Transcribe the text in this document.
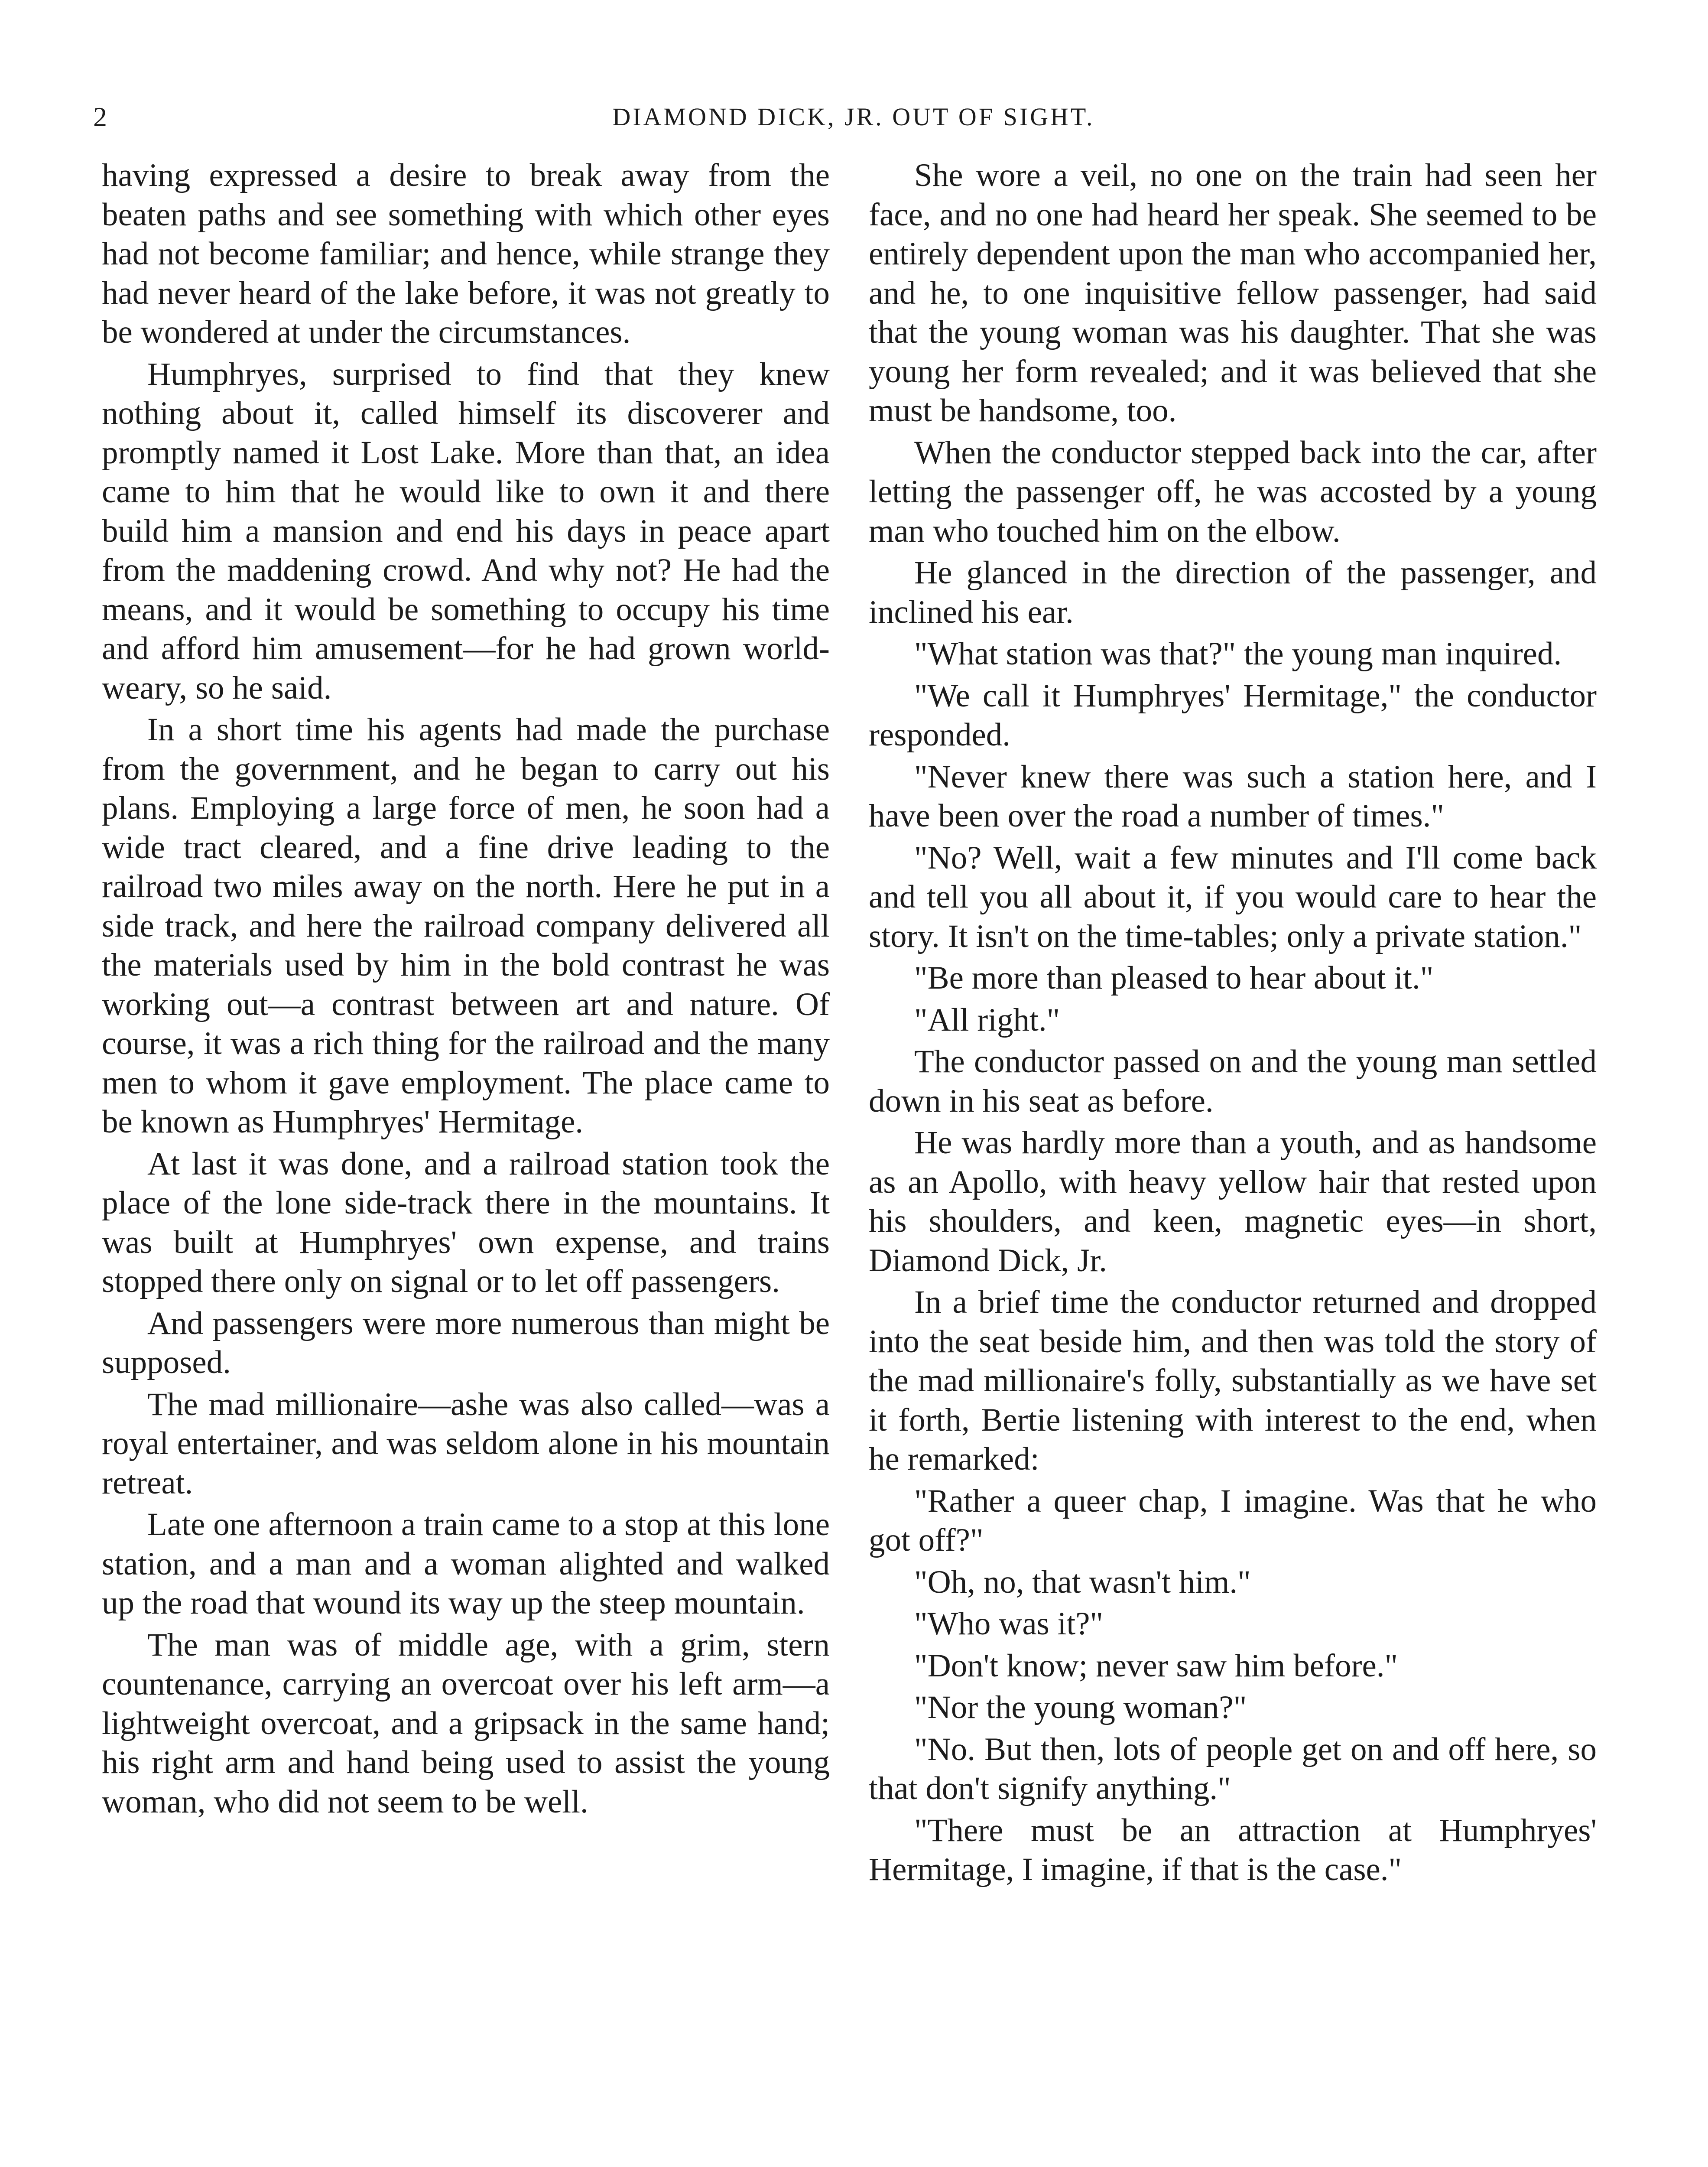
2	DIAMOND DICK, JR. OUT OF SIGHT.

having expressed a desire to break away from the beaten paths and see something with which other eyes had not become familiar; and hence, while strange they had never heard of the lake before, it was not greatly to be wondered at under the circumstances.

Humphryes, surprised to find that they knew nothing about it, called himself its discoverer and promptly named it Lost Lake. More than that, an idea came to him that he would like to own it and there build him a mansion and end his days in peace apart from the maddening crowd. And why not? He had the means, and it would be something to occupy his time and afford him amusement—for he had grown world-weary, so he said.

In a short time his agents had made the purchase from the government, and he began to carry out his plans. Employing a large force of men, he soon had a wide tract cleared, and a fine drive leading to the railroad two miles away on the north. Here he put in a side track, and here the railroad company delivered all the materials used by him in the bold contrast he was working out—a contrast between art and nature. Of course, it was a rich thing for the railroad and the many men to whom it gave employment. The place came to be known as Humphryes' Hermitage.

At last it was done, and a railroad station took the place of the lone side-track there in the mountains. It was built at Humphryes' own expense, and trains stopped there only on signal or to let off passengers.

And passengers were more numerous than might be supposed.

The mad millionaire—ashe was also called—was a royal entertainer, and was seldom alone in his mountain retreat.

Late one afternoon a train came to a stop at this lone station, and a man and a woman alighted and walked up the road that wound its way up the steep mountain.

The man was of middle age, with a grim, stern countenance, carrying an overcoat over his left arm—a lightweight overcoat, and a gripsack in the same hand; his right arm and hand being used to assist the young woman, who did not seem to be well.

She wore a veil, no one on the train had seen her face, and no one had heard her speak. She seemed to be entirely dependent upon the man who accompanied her, and he, to one inquisitive fellow passenger, had said that the young woman was his daughter. That she was young her form revealed; and it was believed that she must be handsome, too.

When the conductor stepped back into the car, after letting the passenger off, he was accosted by a young man who touched him on the elbow.

He glanced in the direction of the passenger, and inclined his ear.

"What station was that?" the young man inquired.

"We call it Humphryes' Hermitage," the conductor responded.

"Never knew there was such a station here, and I have been over the road a number of times."

"No? Well, wait a few minutes and I'll come back and tell you all about it, if you would care to hear the story. It isn't on the time-tables; only a private station."

"Be more than pleased to hear about it."

"All right."

The conductor passed on and the young man settled down in his seat as before.

He was hardly more than a youth, and as handsome as an Apollo, with heavy yellow hair that rested upon his shoulders, and keen, magnetic eyes—in short, Diamond Dick, Jr.

In a brief time the conductor returned and dropped into the seat beside him, and then was told the story of the mad millionaire's folly, substantially as we have set it forth, Bertie listening with interest to the end, when he remarked:

"Rather a queer chap, I imagine. Was that he who got off?"

"Oh, no, that wasn't him."

"Who was it?"

"Don't know; never saw him before."

"Nor the young woman?"

"No. But then, lots of people get on and off here, so that don't signify anything."

"There must be an attraction at Humphryes' Hermitage, I imagine, if that is the case."
